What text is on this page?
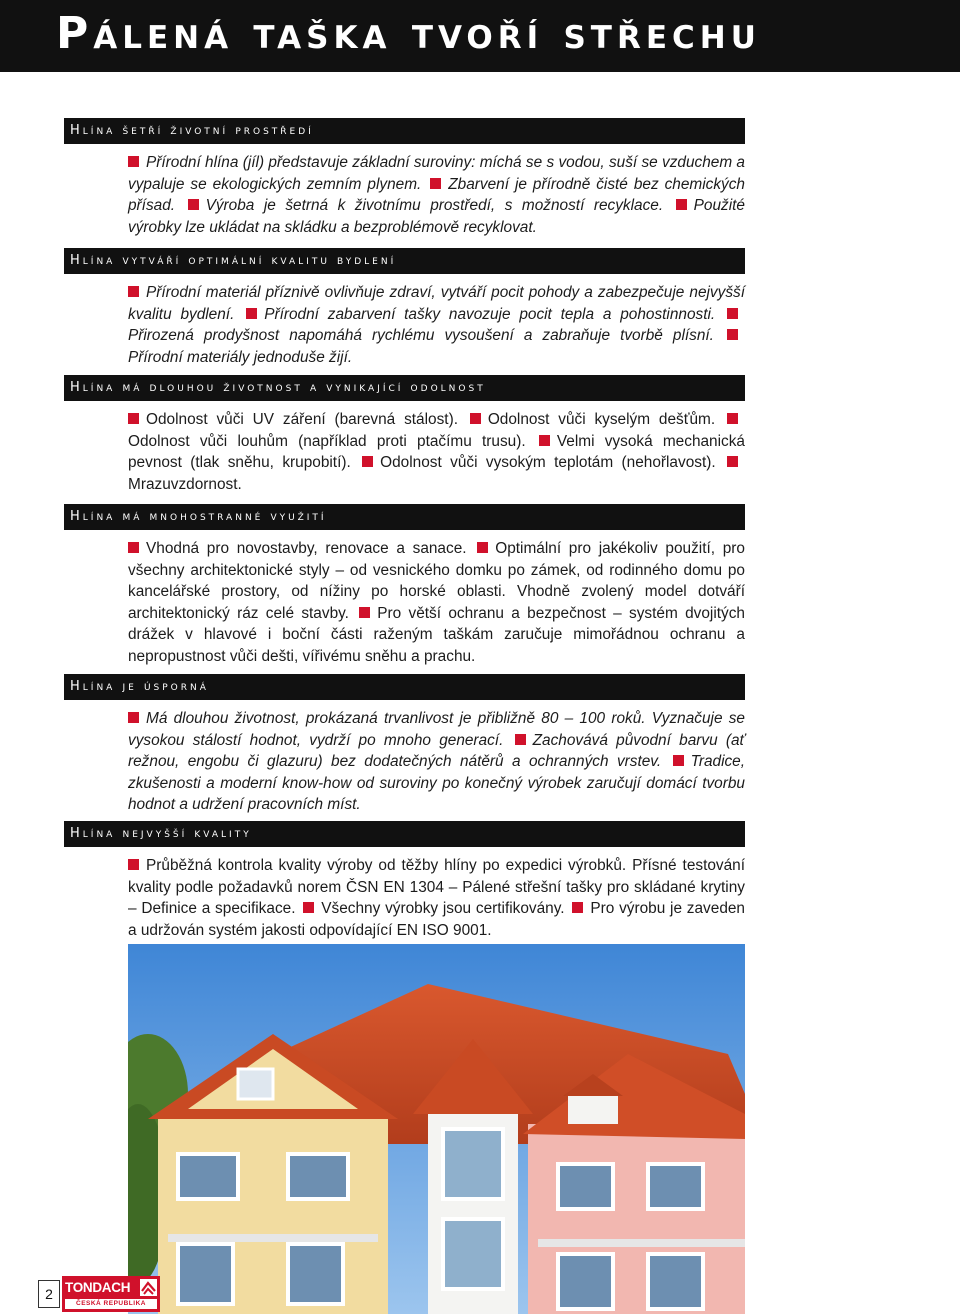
Pálená taška tvoří střechu
Hlína šetří životní prostředí
Přírodní hlína (jíl) představuje základní suroviny: míchá se s vodou, suší se vzduchem a vypaluje se ekologických zemním plynem. Zbarvení je přírodně čisté bez chemických přísad. Výroba je šetrná k životnímu prostředí, s možností recyklace. Použité výrobky lze ukládat na skládku a bezproblémově recyklovat.
Hlína vytváří optimální kvalitu bydlení
Přírodní materiál příznivě ovlivňuje zdraví, vytváří pocit pohody a zabezpečuje nejvyšší kvalitu bydlení. Přírodní zabarvení tašky navozuje pocit tepla a pohostinnosti. Přirozená prodyšnost napomáhá rychlému vysoušení a zabraňuje tvorbě plísní. Přírodní materiály jednoduše žijí.
Hlína má dlouhou životnost a vynikající odolnost
Odolnost vůči UV záření (barevná stálost). Odolnost vůči kyselým dešťům. Odolnost vůči louhům (například proti ptačímu trusu). Velmi vysoká mechanická pevnost (tlak sněhu, krupobití). Odolnost vůči vysokým teplotám (nehořlavost). Mrazuvzdornost.
Hlína má mnohostranné využití
Vhodná pro novostavby, renovace a sanace. Optimální pro jakékoliv použití, pro všechny architektonické styly – od vesnického domku po zámek, od rodinného domu po kancelářské prostory, od nížiny po horské oblasti. Vhodně zvolený model dotváří architektonický ráz celé stavby. Pro větší ochranu a bezpečnost – systém dvojitých drážek v hlavové i boční části raženým taškám zaručuje mimořádnou ochranu a nepropustnost vůči dešti, vířivému sněhu a prachu.
Hlína je úsporná
Má dlouhou životnost, prokázaná trvanlivost je přibližně 80 – 100 roků. Vyznačuje se vysokou stálostí hodnot, vydrží po mnoho generací. Zachovává původní barvu (ať režnou, engobu či glazuru) bez dodatečných nátěrů a ochranných vrstev. Tradice, zkušenosti a moderní know-how od suroviny po konečný výrobek zaručují domácí tvorbu hodnot a udržení pracovních míst.
Hlína nejvyšší kvality
Průběžná kontrola kvality výroby od těžby hlíny po expedici výrobků. Přísné testování kvality podle požadavků norem ČSN EN 1304 – Pálené střešní tašky pro skládané krytiny – Definice a specifikace. Všechny výrobky jsou certifikovány. Pro výrobu je zaveden a udržován systém jakosti odpovídající EN ISO 9001.
2 TONDACH
ČESKÁ REPUBLIKA
